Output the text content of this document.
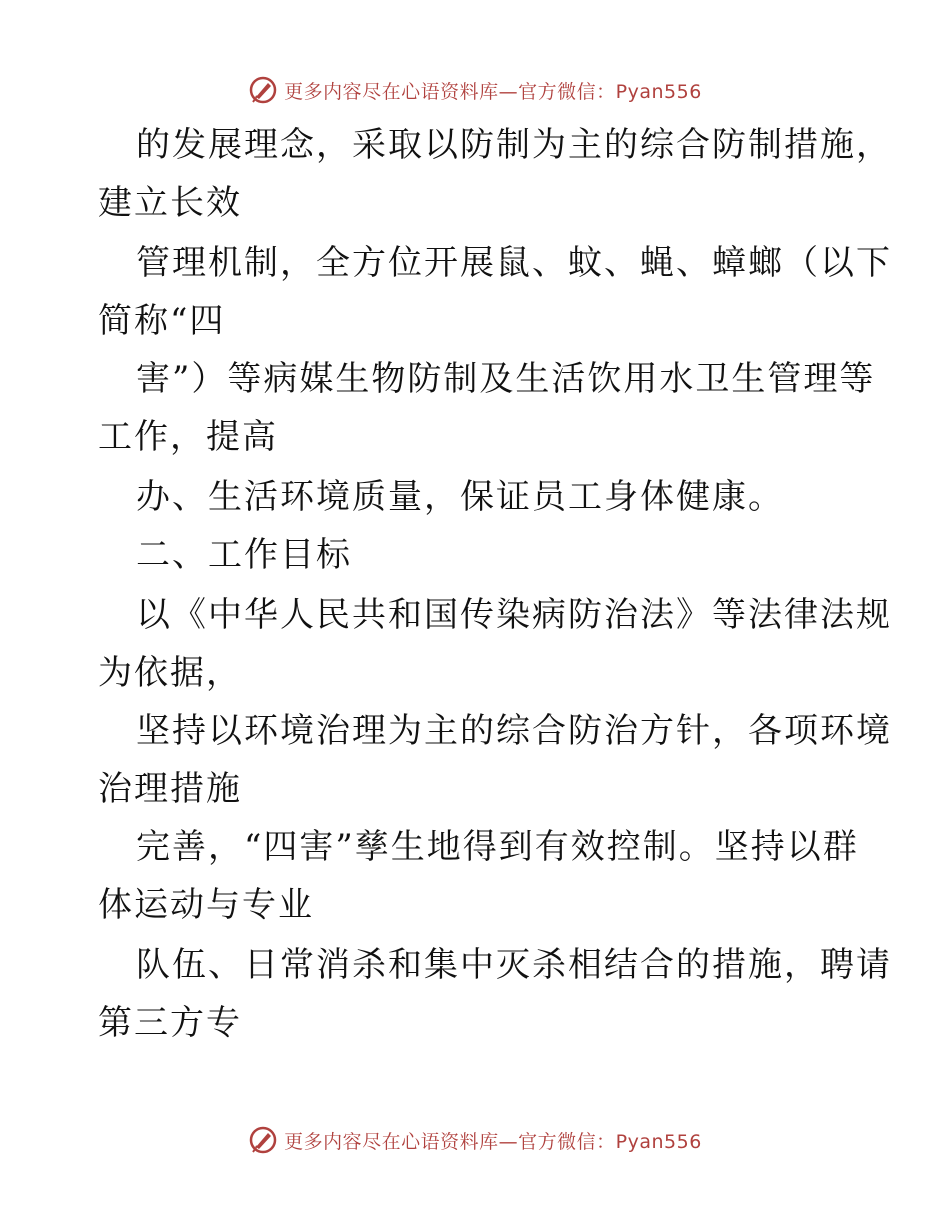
更多内容尽在心语资料库—官方微信：Pyan556
的发展理念，采取以防制为主的综合防制措施，
建立长效
管理机制，全方位开展鼠、蚊、蝇、蟑螂（以下
简称“四
害”）等病媒生物防制及生活饮用水卫生管理等
工作，提高
办、生活环境质量，保证员工身体健康。
二、工作目标
以《中华人民共和国传染病防治法》等法律法规
为依据，
坚持以环境治理为主的综合防治方针，各项环境
治理措施
完善，“四害”孳生地得到有效控制。坚持以群
体运动与专业
队伍、日常消杀和集中灭杀相结合的措施，聘请
第三方专
更多内容尽在心语资料库—官方微信：Pyan556
